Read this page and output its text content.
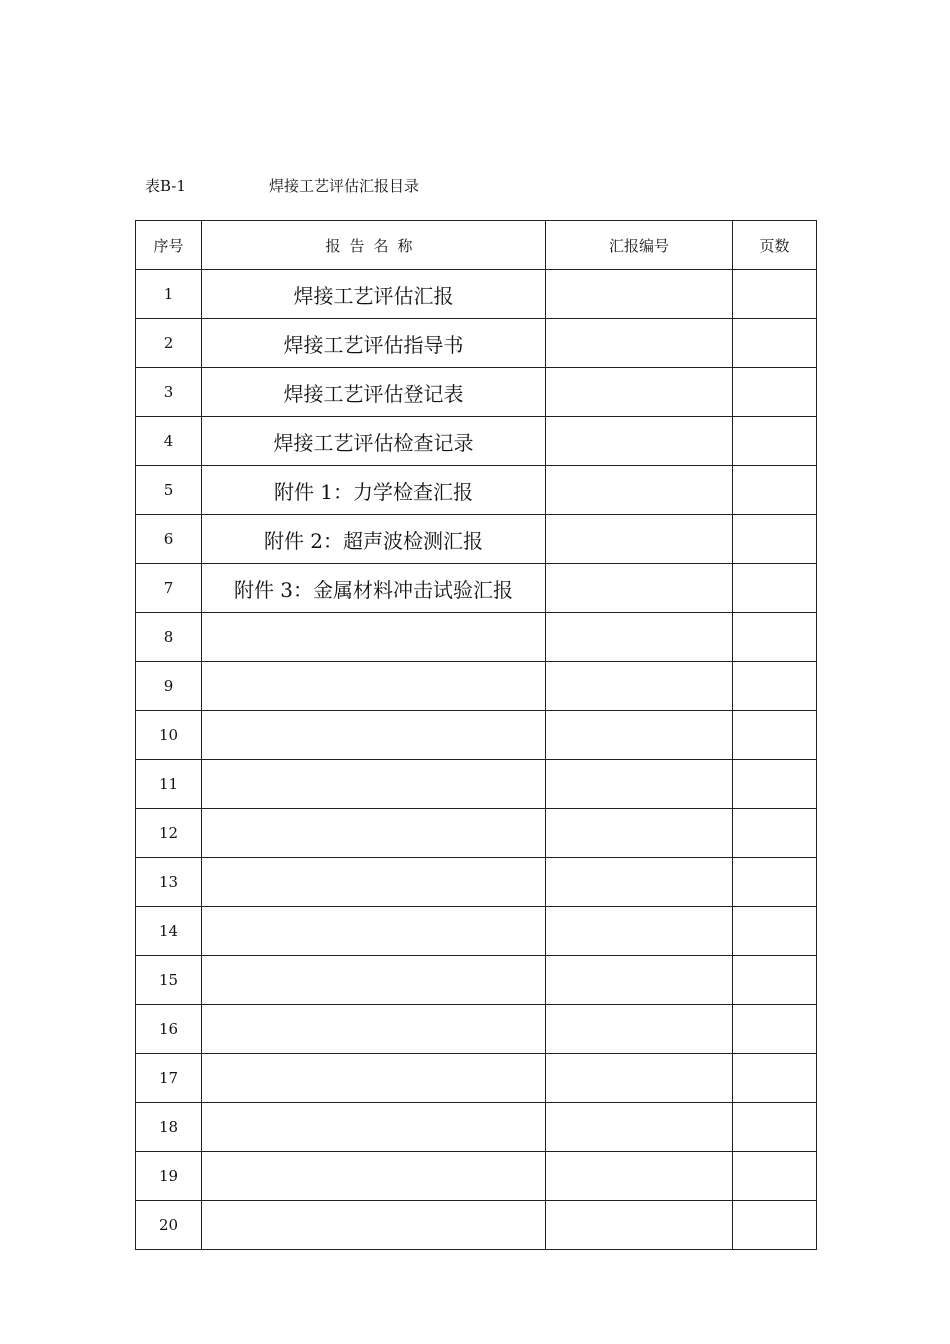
表B-1	焊接工艺评估汇报目录
序号	报告名称	汇报编号	页数
1	焊接工艺评估汇报		
2	焊接工艺评估指导书		
3	焊接工艺评估登记表		
4	焊接工艺评估检查记录		
5	附件 1：力学检查汇报		
6	附件 2：超声波检测汇报		
7	附件 3：金属材料冲击试验汇报		
8			
9			
10			
11			
12			
13			
14			
15			
16			
17			
18			
19			
20			
